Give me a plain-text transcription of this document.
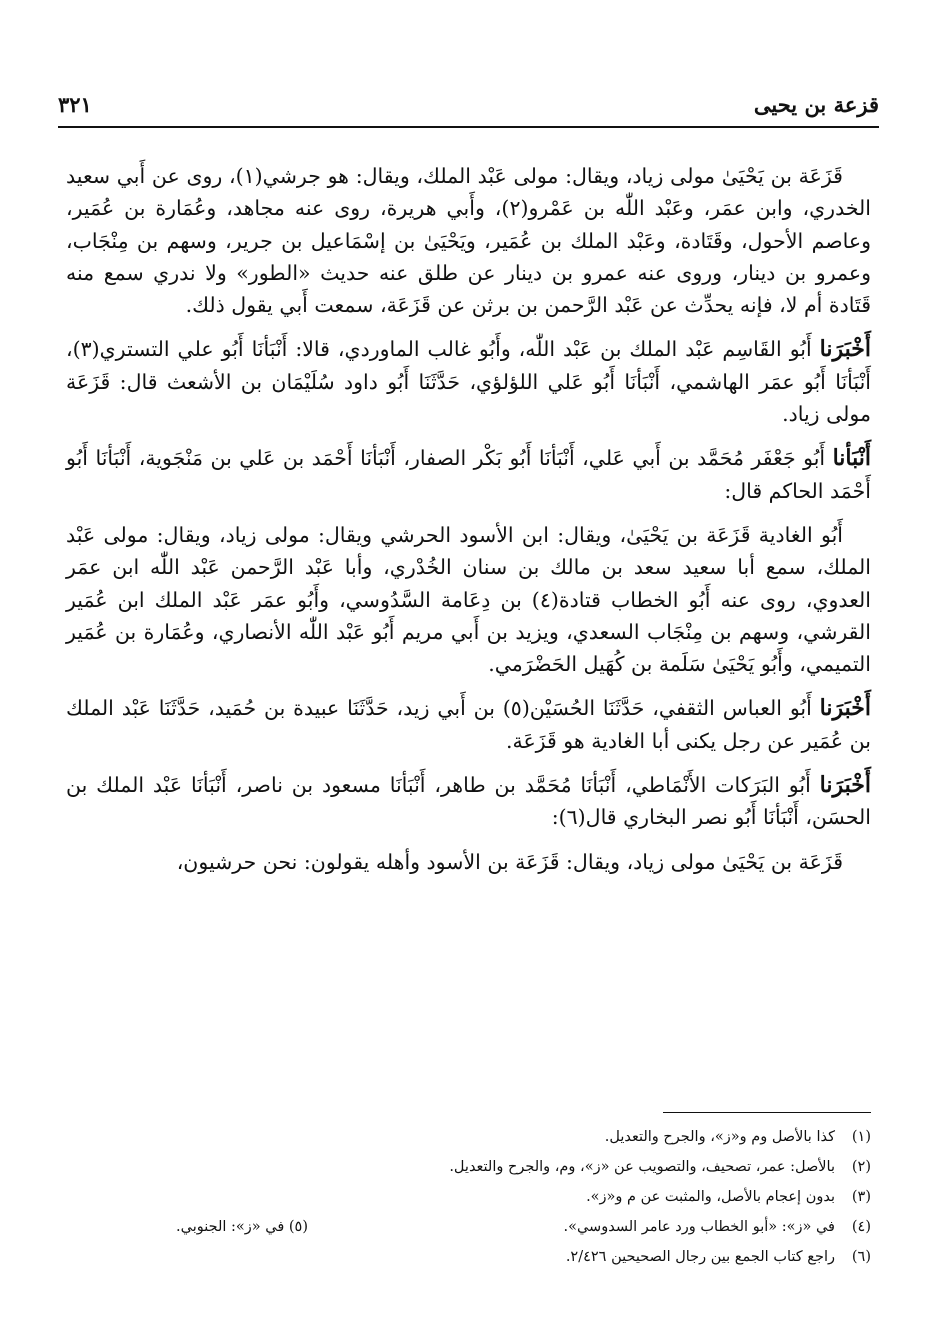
قزعة بن يحيى
٣٢١

قَزَعَة بن يَحْيَىٰ مولى زياد، ويقال: مولى عَبْد الملك، ويقال: هو جرشي(١)، روى عن أَبي سعيد الخدري، وابن عمَر، وعَبْد اللّٰه بن عَمْرو(٢)، وأَبي هريرة، روى عنه مجاهد، وعُمَارة بن عُمَير، وعاصم الأحول، وقَتَادة، وعَبْد الملك بن عُمَير، ويَحْيَىٰ بن إسْمَاعيل بن جرير، وسهم بن مِنْجَاب، وعمرو بن دينار، وروى عنه عمرو بن دينار عن طلق عنه حديث «الطور» ولا ندري سمع منه قَتَادة أم لا، فإنه يحدِّث عن عَبْد الرَّحمن بن برثن عن قَزَعَة، سمعت أَبي يقول ذلك.

أَخْبَرَنا أَبُو القَاسِم عَبْد الملك بن عَبْد اللّٰه، وأَبُو غالب الماوردي، قالا: أَنْبَأنَا أَبُو علي التستري(٣)، أَنْبَأنَا أَبُو عمَر الهاشمي، أَنْبَأنَا أَبُو عَلي اللؤلؤي، حَدَّثَنَا أَبُو داود سُلَيْمَان بن الأشعث قال: قَزَعَة مولى زياد.

أَنْبَأنا أَبُو جَعْفَر مُحَمَّد بن أَبي عَلي، أَنْبَأنَا أَبُو بَكْر الصفار، أَنْبَأنَا أَحْمَد بن عَلي بن مَنْجَوية، أَنْبَأنَا أَبُو أَحْمَد الحاكم قال:

أَبُو الغادية قَزَعَة بن يَحْيَىٰ، ويقال: ابن الأسود الحرشي ويقال: مولى زياد، ويقال: مولى عَبْد الملك، سمع أبا سعيد سعد بن مالك بن سنان الخُدْري، وأبا عَبْد الرَّحمن عَبْد اللّٰه ابن عمَر العدوي، روى عنه أَبُو الخطاب قتادة(٤) بن دِعَامة السَّدُوسي، وأَبُو عمَر عَبْد الملك ابن عُمَير القرشي، وسهم بن مِنْجَاب السعدي، ويزيد بن أَبي مريم أَبُو عَبْد اللّٰه الأنصاري، وعُمَارة بن عُمَير التميمي، وأَبُو يَحْيَىٰ سَلَمة بن كُهَيل الحَضْرَمي.

أَخْبَرَنا أَبُو العباس الثقفي، حَدَّثَنَا الحُسَيْن(٥) بن أَبي زيد، حَدَّثَنَا عبيدة بن حُمَيد، حَدَّثَنَا عَبْد الملك بن عُمَير عن رجل يكنى أبا الغادية هو قَزَعَة.

أَخْبَرَنا أَبُو البَرَكات الأَنْمَاطي، أَنْبَأنَا مُحَمَّد بن طاهر، أَنْبَأنَا مسعود بن ناصر، أَنْبَأنَا عَبْد الملك بن الحسَن، أَنْبَأنَا أَبُو نصر البخاري قال(٦):

قَزَعَة بن يَحْيَىٰ مولى زياد، ويقال: قَزَعَة بن الأسود وأهله يقولون: نحن حرشيون،

(١)كذا بالأصل وم و«ز»، والجرح والتعديل.
(٢)بالأصل: عمر، تصحيف، والتصويب عن «ز»، وم، والجرح والتعديل.
(٣)بدون إعجام بالأصل، والمثبت عن م و«ز».
(٤)في «ز»: «أبو الخطاب ورد عامر السدوسي».
(٥) في «ز»: الجنوبي.
(٦)راجع كتاب الجمع بين رجال الصحيحين ٢/٤٢٦.
